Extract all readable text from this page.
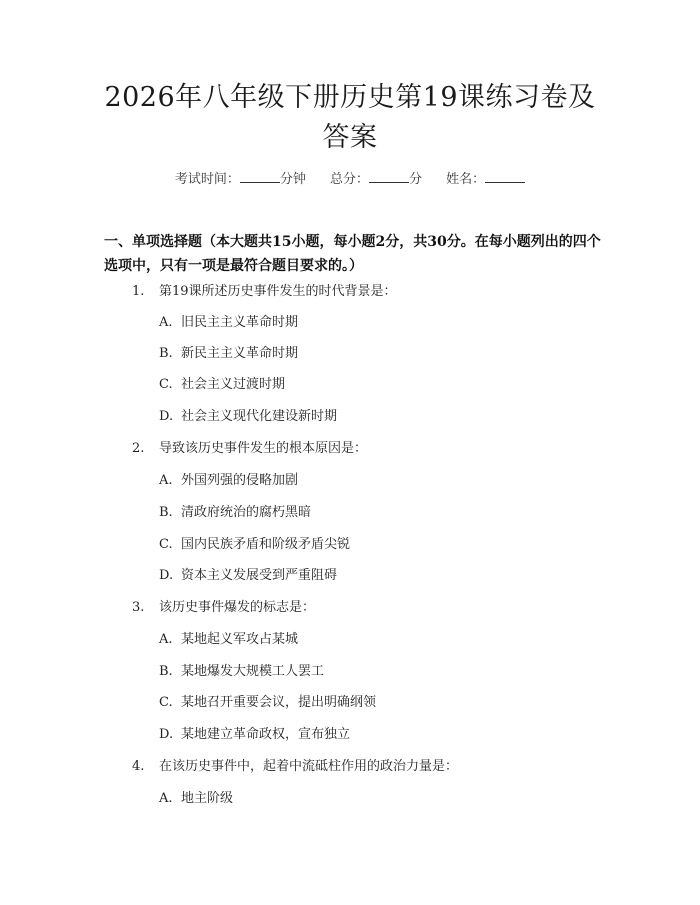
2026年八年级下册历史第19课练习卷及答案
考试时间：	分钟 总分：	分 姓名：
一、单项选择题（本大题共15小题，每小题2分，共30分。在每小题列出的四个选项中，只有一项是最符合题目要求的。）
1. 第19课所述历史事件发生的时代背景是：
A. 旧民主主义革命时期
B. 新民主主义革命时期
C. 社会主义过渡时期
D. 社会主义现代化建设新时期
2. 导致该历史事件发生的根本原因是：
A. 外国列强的侵略加剧
B. 清政府统治的腐朽黑暗
C. 国内民族矛盾和阶级矛盾尖锐
D. 资本主义发展受到严重阻碍
3. 该历史事件爆发的标志是：
A. 某地起义军攻占某城
B. 某地爆发大规模工人罢工
C. 某地召开重要会议，提出明确纲领
D. 某地建立革命政权，宣布独立
4. 在该历史事件中，起着中流砥柱作用的政治力量是：
A. 地主阶级
